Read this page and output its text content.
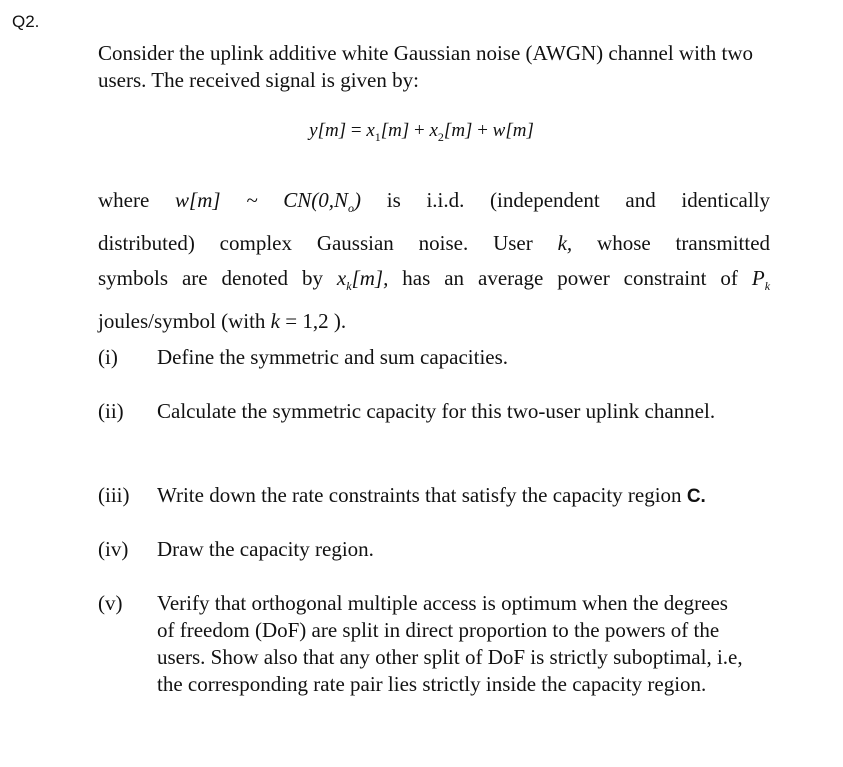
Q2.
Consider the uplink additive white Gaussian noise (AWGN) channel with two users. The received signal is given by:
$y[m] = x_1[m] + x_2[m] + w[m]$
where w[m] ~ $CN(0,N_o)$ is i.i.d. (independent and identically
distributed) complex Gaussian noise. User k, whose transmitted
symbols are denoted by $x_k[m]$, has an average power constraint of $P_k$
joules/symbol (with k = 1,2 ).
(i)	Define the symmetric and sum capacities.
(ii)	Calculate the symmetric capacity for this two-user uplink channel.
(iii)	Write down the rate constraints that satisfy the capacity region C.
(iv)	Draw the capacity region.
(v)	Verify that orthogonal multiple access is optimum when the degrees of freedom (DoF) are split in direct proportion to the powers of the users. Show also that any other split of DoF is strictly suboptimal, i.e, the corresponding rate pair lies strictly inside the capacity region.
